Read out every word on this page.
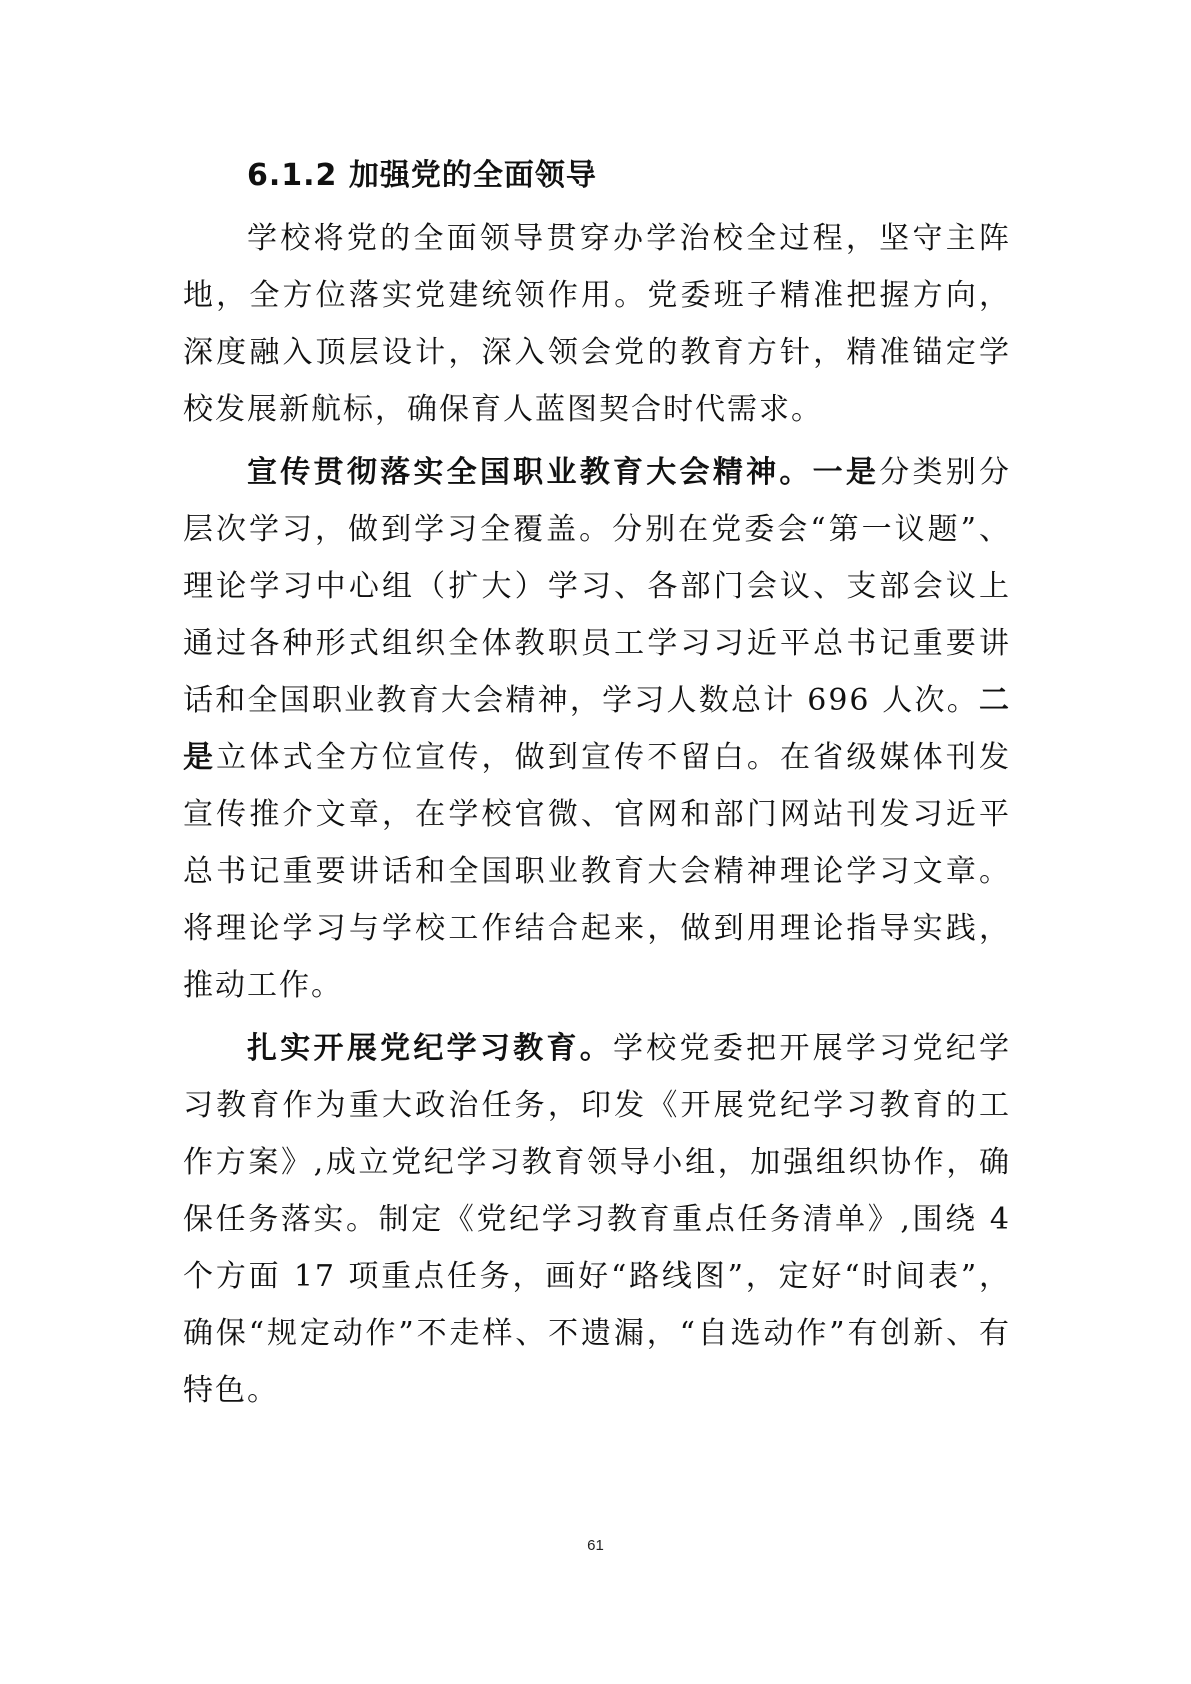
6.1.2 加强党的全面领导

学校将党的全面领导贯穿办学治校全过程，坚守主阵地，全方位落实党建统领作用。党委班子精准把握方向，深度融入顶层设计，深入领会党的教育方针，精准锚定学校发展新航标，确保育人蓝图契合时代需求。

宣传贯彻落实全国职业教育大会精神。一是分类别分层次学习，做到学习全覆盖。分别在党委会“第一议题”、理论学习中心组（扩大）学习、各部门会议、支部会议上通过各种形式组织全体教职员工学习习近平总书记重要讲话和全国职业教育大会精神，学习人数总计 696 人次。二是立体式全方位宣传，做到宣传不留白。在省级媒体刊发宣传推介文章，在学校官微、官网和部门网站刊发习近平总书记重要讲话和全国职业教育大会精神理论学习文章。将理论学习与学校工作结合起来，做到用理论指导实践，推动工作。

扎实开展党纪学习教育。学校党委把开展学习党纪学习教育作为重大政治任务，印发《开展党纪学习教育的工作方案》,成立党纪学习教育领导小组，加强组织协作，确保任务落实。制定《党纪学习教育重点任务清单》,围绕 4 个方面 17 项重点任务，画好“路线图”，定好“时间表”，确保“规定动作”不走样、不遗漏，“自选动作”有创新、有特色。

61
